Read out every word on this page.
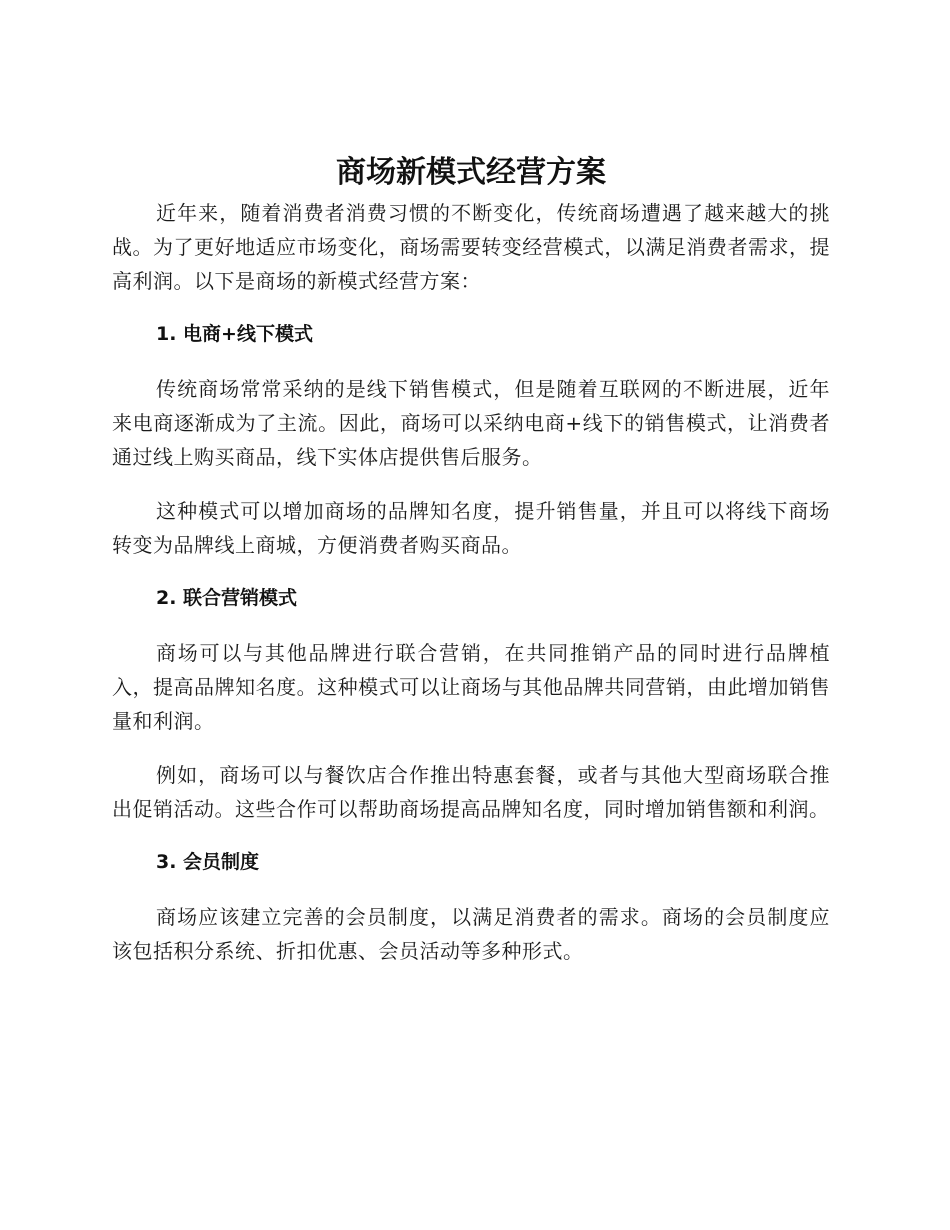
商场新模式经营方案

近年来，随着消费者消费习惯的不断变化，传统商场遭遇了越来越大的挑战。为了更好地适应市场变化，商场需要转变经营模式，以满足消费者需求，提高利润。以下是商场的新模式经营方案：

1. 电商+线下模式

传统商场常常采纳的是线下销售模式，但是随着互联网的不断进展，近年来电商逐渐成为了主流。因此，商场可以采纳电商+线下的销售模式，让消费者通过线上购买商品，线下实体店提供售后服务。

这种模式可以增加商场的品牌知名度，提升销售量，并且可以将线下商场转变为品牌线上商城，方便消费者购买商品。

2. 联合营销模式

商场可以与其他品牌进行联合营销，在共同推销产品的同时进行品牌植入，提高品牌知名度。这种模式可以让商场与其他品牌共同营销，由此增加销售量和利润。

例如，商场可以与餐饮店合作推出特惠套餐，或者与其他大型商场联合推出促销活动。这些合作可以帮助商场提高品牌知名度，同时增加销售额和利润。

3. 会员制度

商场应该建立完善的会员制度，以满足消费者的需求。商场的会员制度应该包括积分系统、折扣优惠、会员活动等多种形式。
